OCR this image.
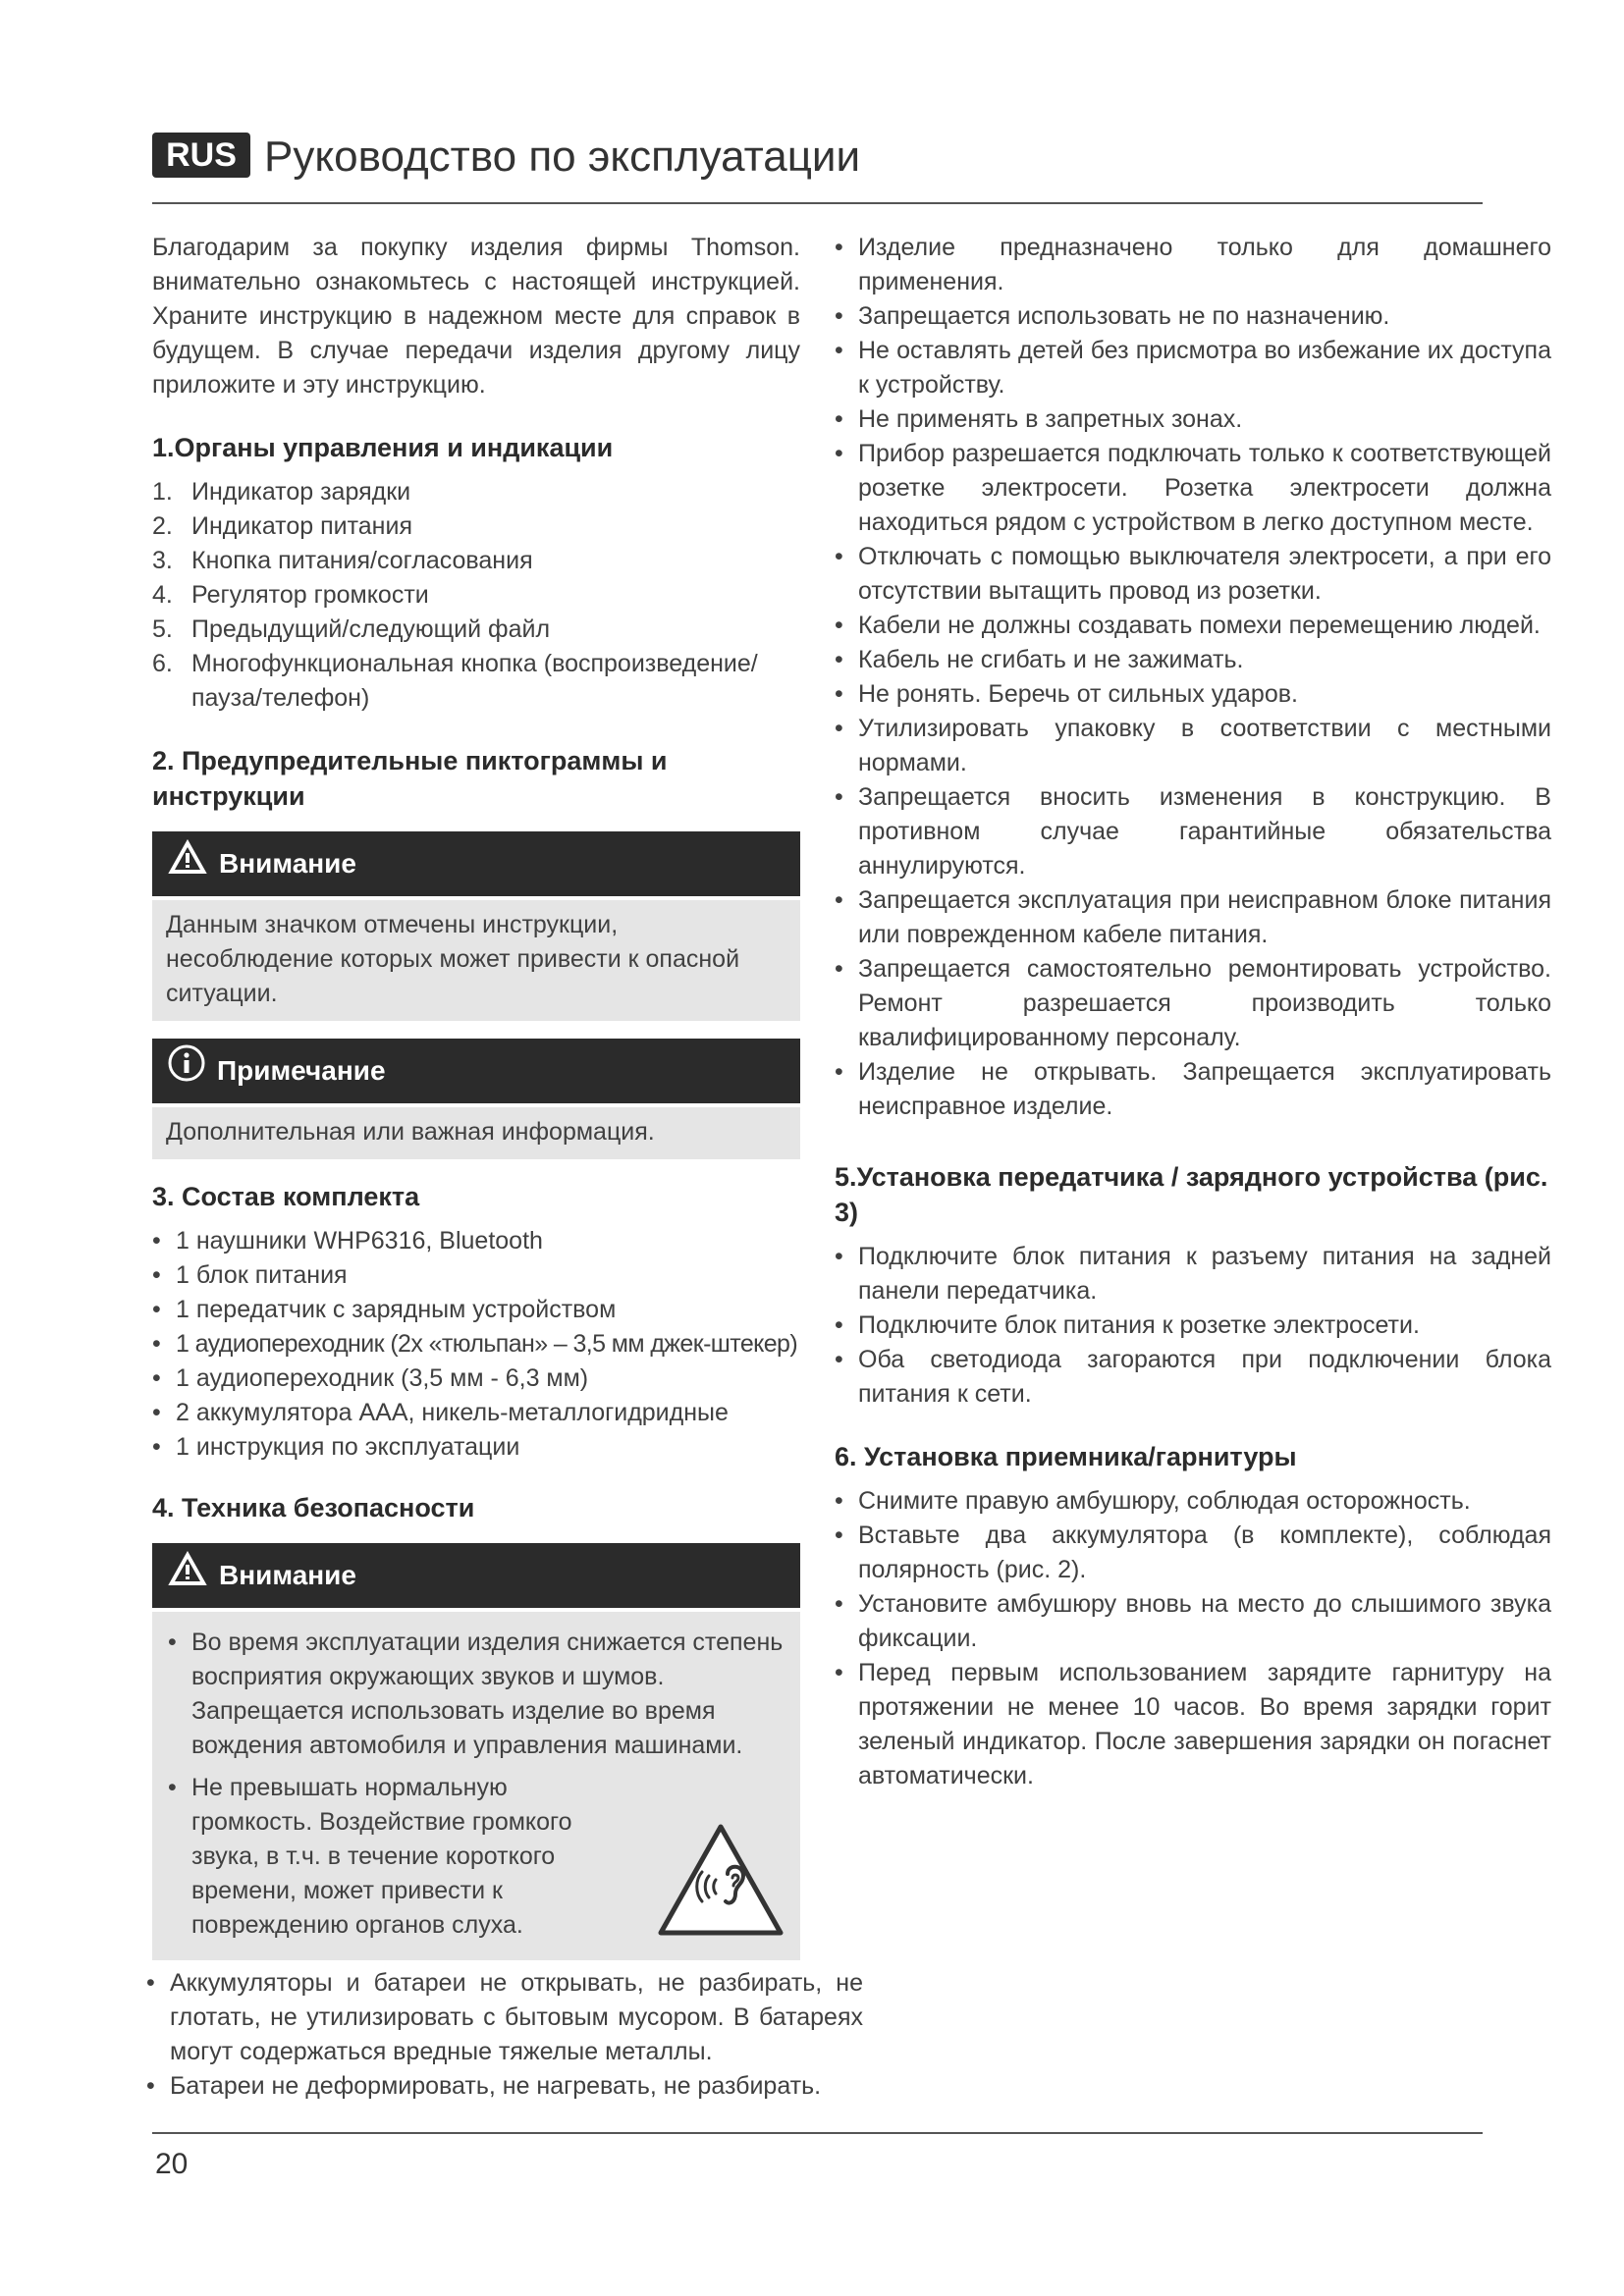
RUS Руководство по эксплуатации

Благодарим за покупку изделия фирмы Thomson. внимательно ознакомьтесь с настоящей инструкцией. Храните инструкцию в надежном месте для справок в будущем. В случае передачи изделия другому лицу приложите и эту инструкцию.

1.Органы управления и индикации
1. Индикатор зарядки
2. Индикатор питания
3. Кнопка питания/согласования
4. Регулятор громкости
5. Предыдущий/следующий файл
6. Многофункциональная кнопка (воспроизведение/ пауза/телефон)
2. Предупредительные пиктограммы и инструкции
Внимание
Данным значком отмечены инструкции, несоблюдение которых может привести к опасной ситуации.
Примечание
Дополнительная или важная информация.
3. Состав комплекта
• 1 наушники WHP6316, Bluetooth
• 1 блок питания
• 1 передатчик с зарядным устройством
• 1 аудиопереходник (2x «тюльпан» – 3,5 мм джек-штекер)
• 1 аудиопереходник (3,5 мм - 6,3 мм)
• 2 аккумулятора AAA, никель-металлогидридные
• 1 инструкция по эксплуатации
4. Техника безопасности
Внимание
• Во время эксплуатации изделия снижается степень восприятия окружающих звуков и шумов. Запрещается использовать изделие во время вождения автомобиля и управления машинами.
• Не превышать нормальную громкость. Воздействие громкого звука, в т.ч. в течение короткого времени, может привести к повреждению органов слуха.
• Аккумуляторы и батареи не открывать, не разбирать, не глотать, не утилизировать с бытовым мусором. В батареях могут содержаться вредные тяжелые металлы.
• Батареи не деформировать, не нагревать, не разбирать.
• Изделие предназначено только для домашнего применения.
• Запрещается использовать не по назначению.
• Не оставлять детей без присмотра во избежание их доступа к устройству.
• Не применять в запретных зонах.
• Прибор разрешается подключать только к соответствующей розетке электросети. Розетка электросети должна находиться рядом с устройством в легко доступном месте.
• Отключать с помощью выключателя электросети, а при его отсутствии вытащить провод из розетки.
• Кабели не должны создавать помехи перемещению людей.
• Кабель не сгибать и не зажимать.
• Не ронять. Беречь от сильных ударов.
• Утилизировать упаковку в соответствии с местными нормами.
• Запрещается вносить изменения в конструкцию. В противном случае гарантийные обязательства аннулируются.
• Запрещается эксплуатация при неисправном блоке питания или поврежденном кабеле питания.
• Запрещается самостоятельно ремонтировать устройство. Ремонт разрешается производить только квалифицированному персоналу.
• Изделие не открывать. Запрещается эксплуатировать неисправное изделие.
5.Установка передатчика / зарядного устройства (рис. 3)
• Подключите блок питания к разъему питания на задней панели передатчика.
• Подключите блок питания к розетке электросети.
• Оба светодиода загораются при подключении блока питания к сети.
6. Установка приемника/гарнитуры
• Снимите правую амбушюру, соблюдая осторожность.
• Вставьте два аккумулятора (в комплекте), соблюдая полярность (рис. 2).
• Установите амбушюру вновь на место до слышимого звука фиксации.
• Перед первым использованием зарядите гарнитуру на протяжении не менее 10 часов. Во время зарядки горит зеленый индикатор. После завершения зарядки он погаснет автоматически.
20
